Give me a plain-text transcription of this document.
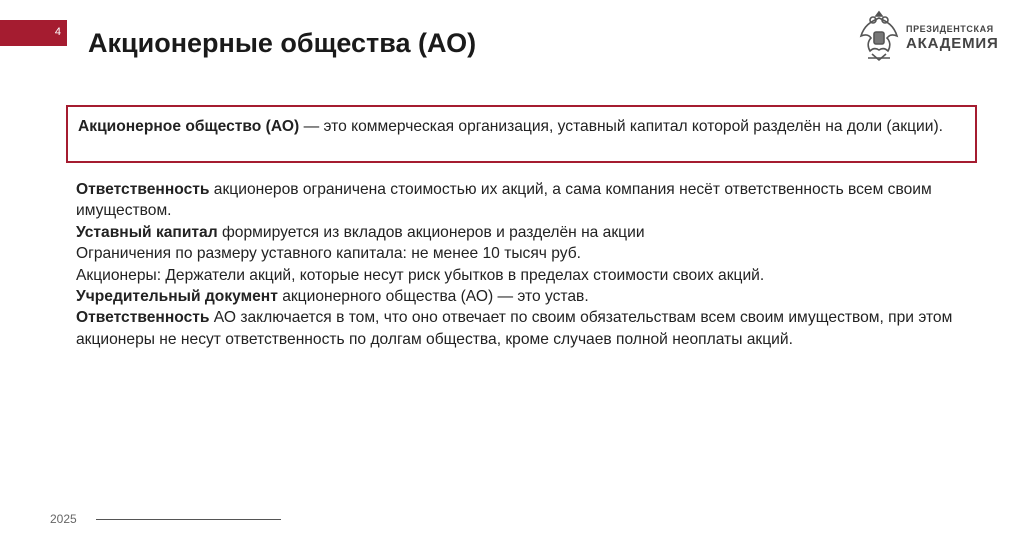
4 Акционерные общества (АО)	ПРЕЗИДЕНТСКАЯ
АКАДЕМИЯ
Акционерное общество (АО) — это коммерческая организация, уставный капитал которой разделён на доли (акции).

Ответственность акционеров ограничена стоимостью их акций, а сама компания несёт ответственность всем своим имуществом.

Уставный капитал формируется из вкладов акционеров и разделён на акции

Ограничения по размеру уставного капитала: не менее 10 тысяч руб.

Акционеры: Держатели акций, которые несут риск убытков в пределах стоимости своих акций.

Учредительный документ акционерного общества (АО) — это устав.

Ответственность АО заключается в том, что оно отвечает по своим обязательствам всем своим имуществом, при этом акционеры не несут ответственность по долгам общества, кроме случаев полной неоплаты акций.

2025
